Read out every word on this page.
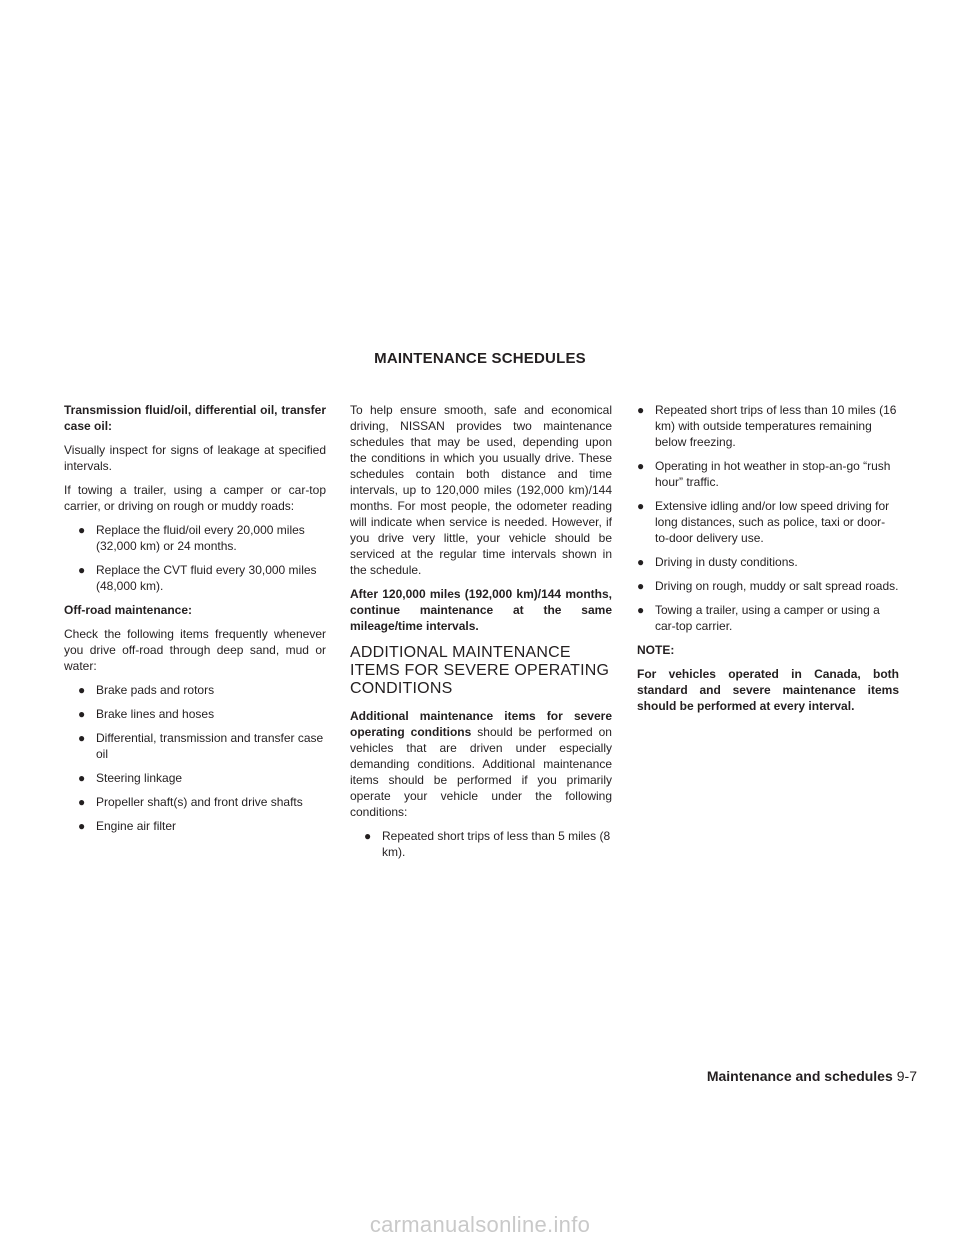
MAINTENANCE SCHEDULES

Transmission fluid/oil, differential oil, transfer case oil:

Visually inspect for signs of leakage at specified intervals.

If towing a trailer, using a camper or car-top carrier, or driving on rough or muddy roads:

● Replace the fluid/oil every 20,000 miles (32,000 km) or 24 months.
● Replace the CVT fluid every 30,000 miles (48,000 km).

Off-road maintenance:

Check the following items frequently whenever you drive off-road through deep sand, mud or water:

● Brake pads and rotors
● Brake lines and hoses
● Differential, transmission and transfer case oil
● Steering linkage
● Propeller shaft(s) and front drive shafts
● Engine air filter

To help ensure smooth, safe and economical driving, NISSAN provides two maintenance schedules that may be used, depending upon the conditions in which you usually drive. These schedules contain both distance and time intervals, up to 120,000 miles (192,000 km)/144 months. For most people, the odometer reading will indicate when service is needed. However, if you drive very little, your vehicle should be serviced at the regular time intervals shown in the schedule.

After 120,000 miles (192,000 km)/144 months, continue maintenance at the same mileage/time intervals.

ADDITIONAL MAINTENANCE ITEMS FOR SEVERE OPERATING CONDITIONS

Additional maintenance items for severe operating conditions should be performed on vehicles that are driven under especially demanding conditions. Additional maintenance items should be performed if you primarily operate your vehicle under the following conditions:

● Repeated short trips of less than 5 miles (8 km).
● Repeated short trips of less than 10 miles (16 km) with outside temperatures remaining below freezing.
● Operating in hot weather in stop-an-go “rush hour” traffic.
● Extensive idling and/or low speed driving for long distances, such as police, taxi or door-to-door delivery use.
● Driving in dusty conditions.
● Driving on rough, muddy or salt spread roads.
● Towing a trailer, using a camper or using a car-top carrier.

NOTE:

For vehicles operated in Canada, both standard and severe maintenance items should be performed at every interval.

Maintenance and schedules 9-7
carmanualsonline.info
